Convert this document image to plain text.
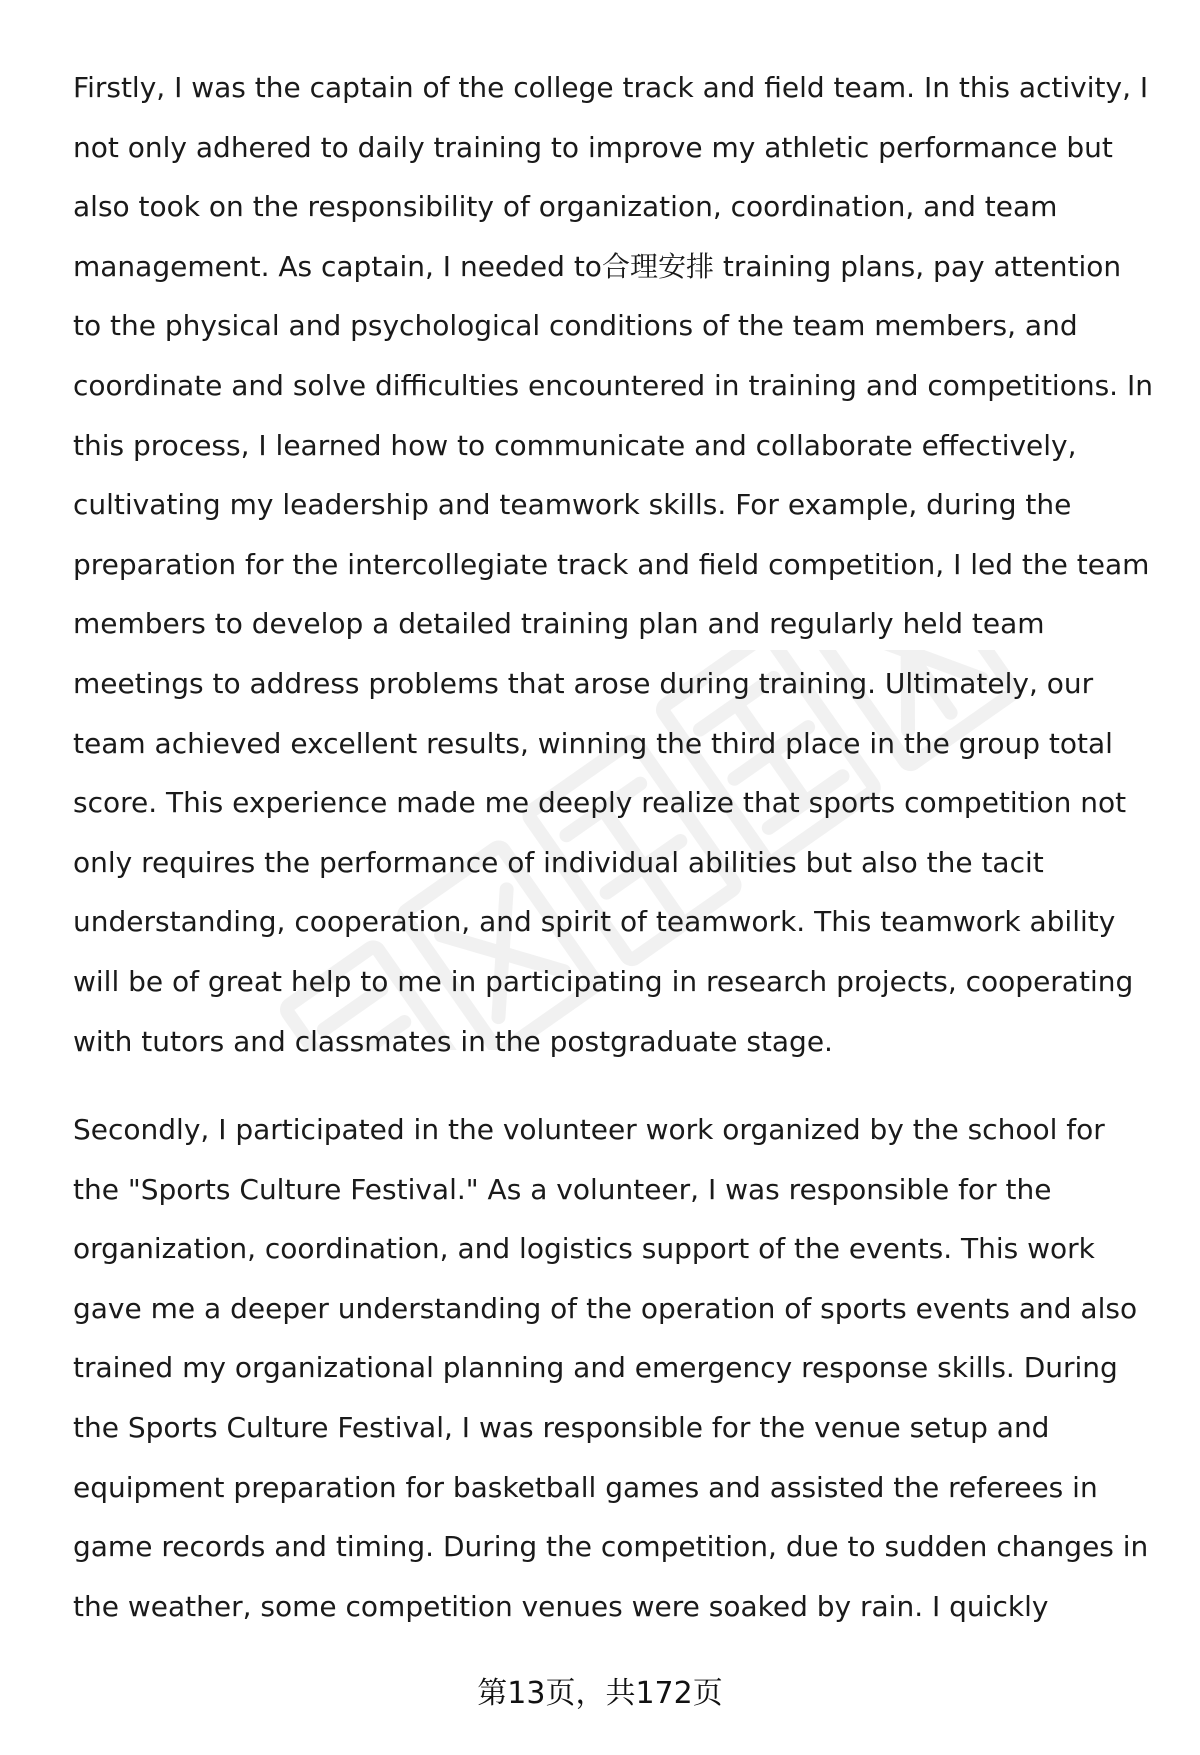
Firstly, I was the captain of the college track and field team. In this activity, I not only adhered to daily training to improve my athletic performance but also took on the responsibility of organization, coordination, and team management. As captain, I needed to合理安排 training plans, pay attention to the physical and psychological conditions of the team members, and coordinate and solve difficulties encountered in training and competitions. In this process, I learned how to communicate and collaborate effectively, cultivating my leadership and teamwork skills. For example, during the preparation for the intercollegiate track and field competition, I led the team members to develop a detailed training plan and regularly held team meetings to address problems that arose during training. Ultimately, our team achieved excellent results, winning the third place in the group total score. This experience made me deeply realize that sports competition not only requires the performance of individual abilities but also the tacit understanding, cooperation, and spirit of teamwork. This teamwork ability will be of great help to me in participating in research projects, cooperating with tutors and classmates in the postgraduate stage.

Secondly, I participated in the volunteer work organized by the school for the "Sports Culture Festival." As a volunteer, I was responsible for the organization, coordination, and logistics support of the events. This work gave me a deeper understanding of the operation of sports events and also trained my organizational planning and emergency response skills. During the Sports Culture Festival, I was responsible for the venue setup and equipment preparation for basketball games and assisted the referees in game records and timing. During the competition, due to sudden changes in the weather, some competition venues were soaked by rain. I quickly

第13页，共172页
